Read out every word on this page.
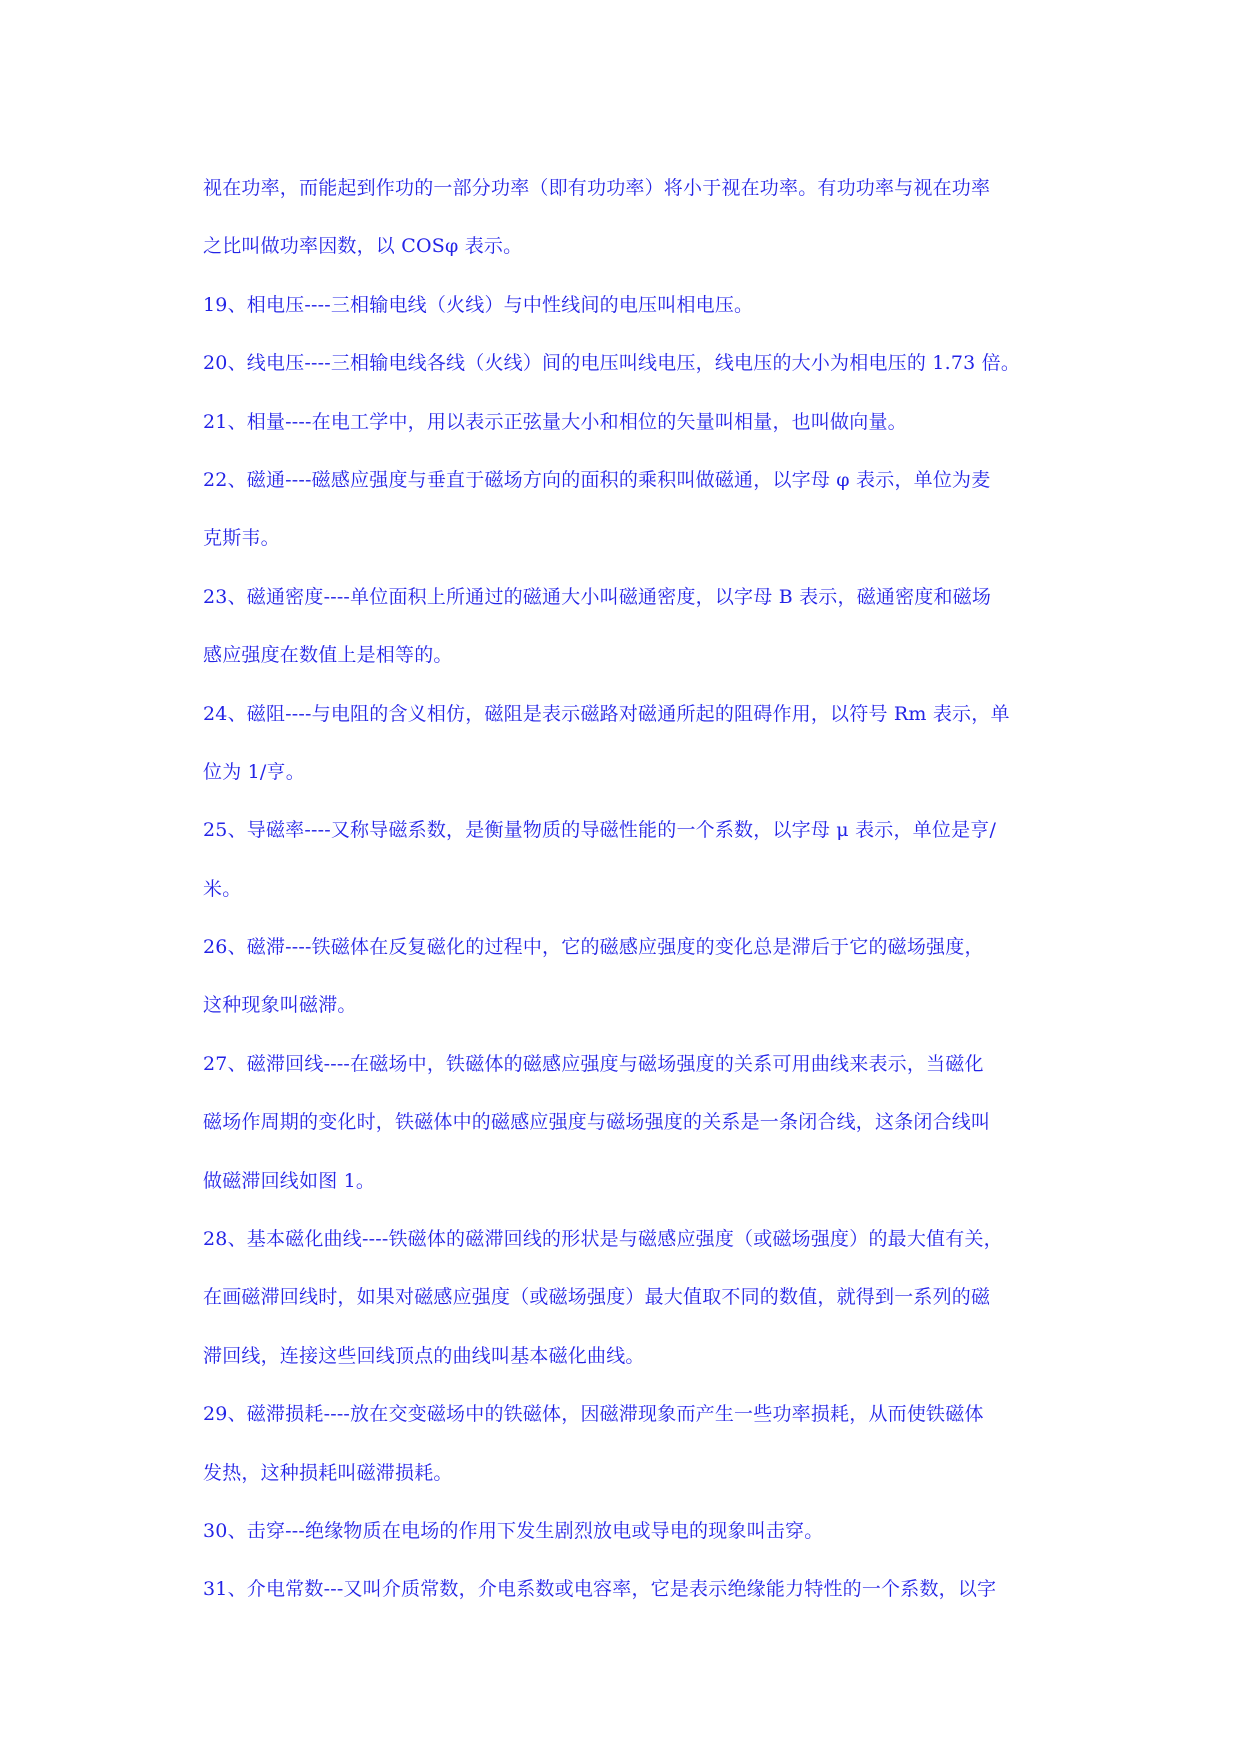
视在功率，而能起到作功的一部分功率（即有功功率）将小于视在功率。有功功率与视在功率
之比叫做功率因数，以 COSφ 表示。
19、相电压----三相输电线（火线）与中性线间的电压叫相电压。
20、线电压----三相输电线各线（火线）间的电压叫线电压，线电压的大小为相电压的 1.73 倍。
21、相量----在电工学中，用以表示正弦量大小和相位的矢量叫相量，也叫做向量。
22、磁通----磁感应强度与垂直于磁场方向的面积的乘积叫做磁通，以字母 φ 表示，单位为麦
克斯韦。
23、磁通密度----单位面积上所通过的磁通大小叫磁通密度，以字母 B 表示，磁通密度和磁场
感应强度在数值上是相等的。
24、磁阻----与电阻的含义相仿，磁阻是表示磁路对磁通所起的阻碍作用，以符号 Rm 表示，单
位为 1/亨。
25、导磁率----又称导磁系数，是衡量物质的导磁性能的一个系数，以字母 μ 表示，单位是亨/
米。
26、磁滞----铁磁体在反复磁化的过程中，它的磁感应强度的变化总是滞后于它的磁场强度，
这种现象叫磁滞。
27、磁滞回线----在磁场中，铁磁体的磁感应强度与磁场强度的关系可用曲线来表示，当磁化
磁场作周期的变化时，铁磁体中的磁感应强度与磁场强度的关系是一条闭合线，这条闭合线叫
做磁滞回线如图 1。
28、基本磁化曲线----铁磁体的磁滞回线的形状是与磁感应强度（或磁场强度）的最大值有关，
在画磁滞回线时，如果对磁感应强度（或磁场强度）最大值取不同的数值，就得到一系列的磁
滞回线，连接这些回线顶点的曲线叫基本磁化曲线。
29、磁滞损耗----放在交变磁场中的铁磁体，因磁滞现象而产生一些功率损耗，从而使铁磁体
发热，这种损耗叫磁滞损耗。
30、击穿---绝缘物质在电场的作用下发生剧烈放电或导电的现象叫击穿。
31、介电常数---又叫介质常数，介电系数或电容率，它是表示绝缘能力特性的一个系数，以字
